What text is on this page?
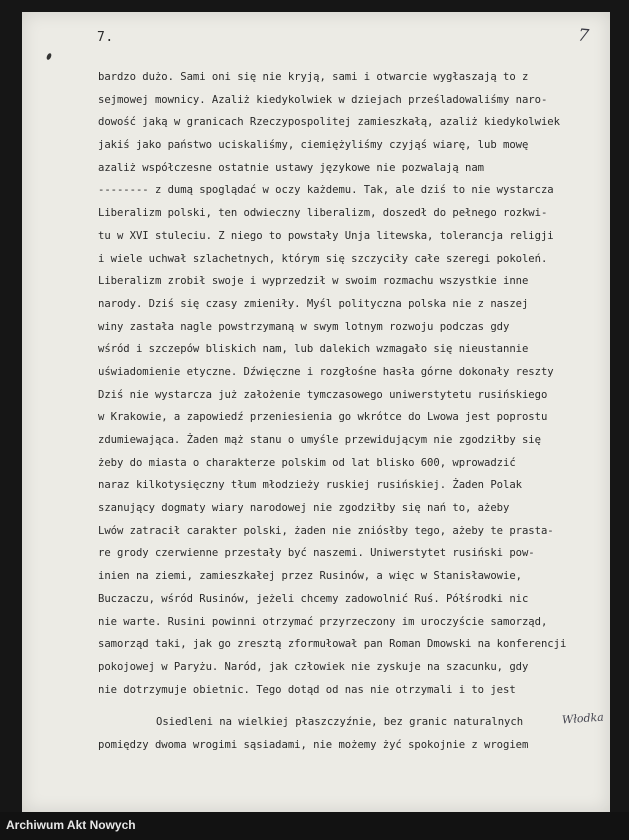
7.	7
bardzo dużo. Sami oni się nie kryją, sami i otwarcie wygłaszają to z
sejmowej mownicy. Azaliż kiedykolwiek w dziejach prześladowaliśmy naro-
dowość jaką w granicach Rzeczypospolitej zamieszkałą, azaliż kiedykolwiek
jakiś jako państwo uciskaliśmy, ciemiężyliśmy czyjąś wiarę, lub mowę
azaliż współczesne ostatnie ustawy językowe nie pozwalają nam
-------- z dumą spoglądać w oczy każdemu. Tak, ale dziś to nie wystarcza
Liberalizm polski, ten odwieczny liberalizm, doszedł do pełnego rozkwi-
tu w XVI stuleciu. Z niego to powstały Unja litewska, tolerancja religji
i wiele uchwał szlachetnych, którym się szczyciły całe szeregi pokoleń.
Liberalizm zrobił swoje i wyprzedził w swoim rozmachu wszystkie inne
narody. Dziś się czasy zmieniły. Myśl polityczna polska nie z naszej
winy zastała nagle powstrzymaną w swym lotnym rozwoju podczas gdy
wśród i szczepów bliskich nam, lub dalekich wzmagało się nieustannie
uświadomienie etyczne. Dźwięczne i rozgłośne hasła górne dokonały reszty
Dziś nie wystarcza już założenie tymczasowego uniwerstytetu rusińskiego
w Krakowie, a zapowiedź przeniesienia go wkrótce do Lwowa jest poprostu
zdumiewająca. Żaden mąż stanu o umyśle przewidującym nie zgodziłby się
żeby do miasta o charakterze polskim od lat blisko 600, wprowadzić
naraz kilkotysięczny tłum młodzieży ruskiej rusińskiej. Żaden Polak
szanujący dogmaty wiary narodowej nie zgodziłby się nań to, ażeby
Lwów zatracił carakter polski, żaden nie zniósłby tego, ażeby te prasta-
re grody czerwienne przestały być naszemi. Uniwerstytet rusiński pow-
inien na ziemi, zamieszkałej przez Rusinów, a więc w Stanisławowie,
Buczaczu, wśród Rusinów, jeżeli chcemy zadowolnić Ruś. Półśrodki nic
nie warte. Rusini powinni otrzymać przyrzeczony im uroczyście samorząd,
samorząd taki, jak go zresztą zformułował pan Roman Dmowski na konferencji
pokojowej w Paryżu. Naród, jak człowiek nie zyskuje na szacunku, gdy
nie dotrzymuje obietnic. Tego dotąd od nas nie otrzymali i to jest
Osiedleni na wielkiej płaszczyźnie, bez granic naturalnych
pomiędzy dwoma wrogimi sąsiadami, nie możemy żyć spokojnie z wrogiem
Włodka
Archiwum Akt Nowych
